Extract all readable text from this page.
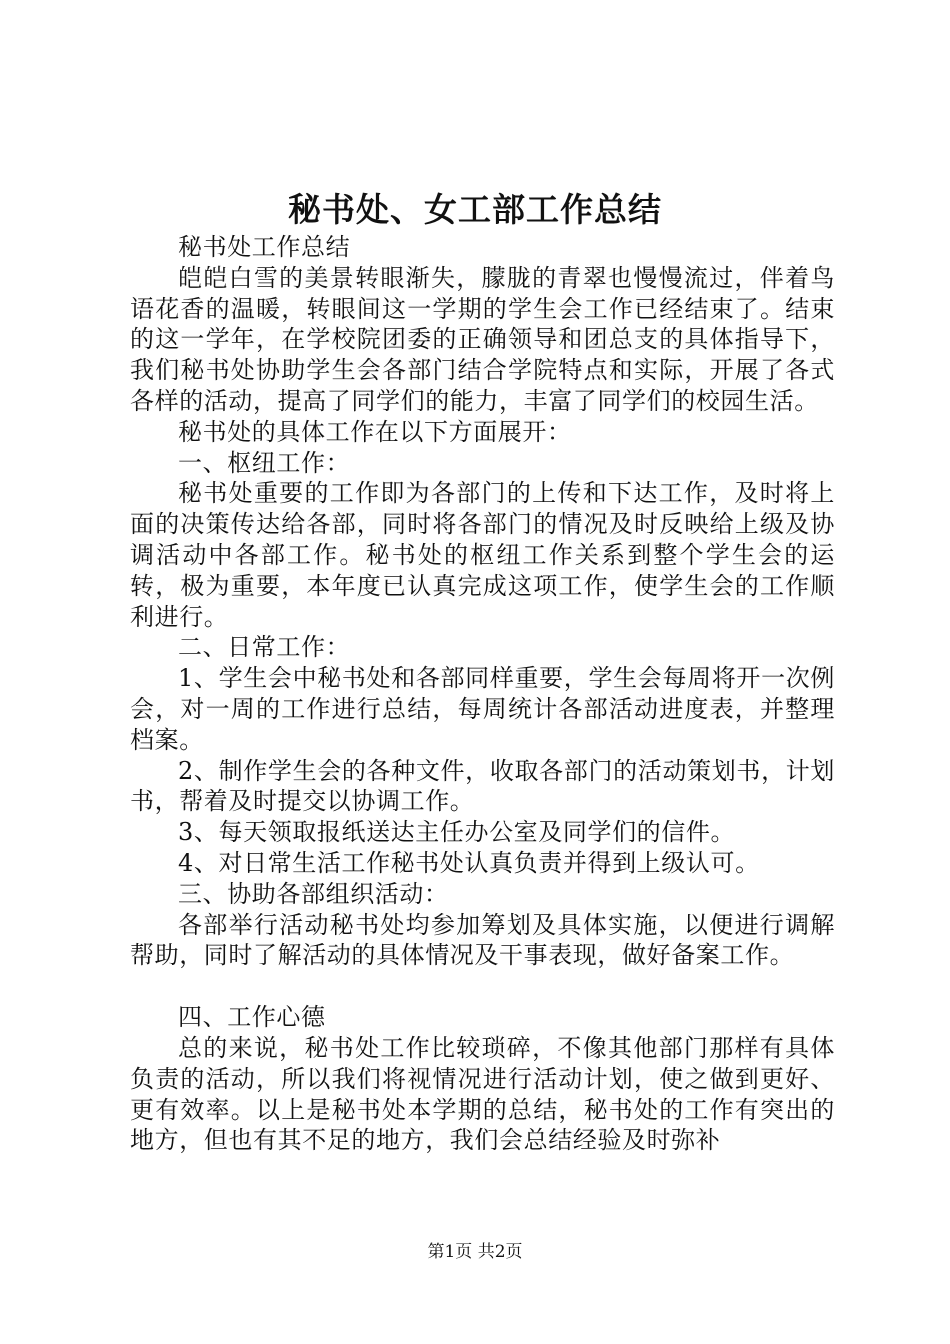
秘书处、女工部工作总结

秘书处工作总结

皑皑白雪的美景转眼渐失，朦胧的青翠也慢慢流过，伴着鸟语花香的温暖，转眼间这一学期的学生会工作已经结束了。结束的这一学年，在学校院团委的正确领导和团总支的具体指导下，我们秘书处协助学生会各部门结合学院特点和实际，开展了各式各样的活动，提高了同学们的能力，丰富了同学们的校园生活。

秘书处的具体工作在以下方面展开：

一、枢纽工作：

秘书处重要的工作即为各部门的上传和下达工作，及时将上面的决策传达给各部，同时将各部门的情况及时反映给上级及协调活动中各部工作。秘书处的枢纽工作关系到整个学生会的运转，极为重要，本年度已认真完成这项工作，使学生会的工作顺利进行。

二、日常工作：

1、学生会中秘书处和各部同样重要，学生会每周将开一次例会，对一周的工作进行总结，每周统计各部活动进度表，并整理档案。

2、制作学生会的各种文件，收取各部门的活动策划书，计划书，帮着及时提交以协调工作。

3、每天领取报纸送达主任办公室及同学们的信件。

4、对日常生活工作秘书处认真负责并得到上级认可。

三、协助各部组织活动：

各部举行活动秘书处均参加筹划及具体实施，以便进行调解帮助，同时了解活动的具体情况及干事表现，做好备案工作。

四、工作心德

总的来说，秘书处工作比较琐碎，不像其他部门那样有具体负责的活动，所以我们将视情况进行活动计划，使之做到更好、更有效率。以上是秘书处本学期的总结，秘书处的工作有突出的地方，但也有其不足的地方，我们会总结经验及时弥补

第1页 共2页
